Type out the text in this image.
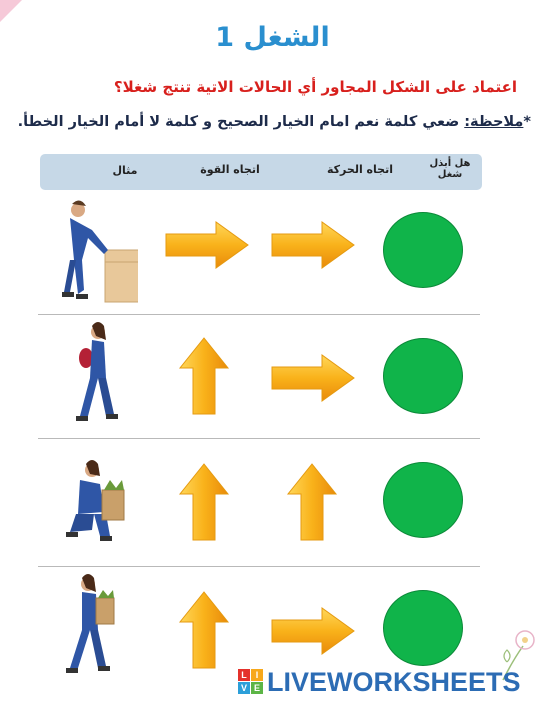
الشغل 1
اعتماد على الشكل المجاور أي الحالات الاتية تنتج شغلا؟
*ملاحظة: ضعي كلمة نعم امام الخيار الصحيح و كلمة لا أمام الخيار الخطأ.
مثال	اتجاه القوة	اتجاه الحركة	هل أبذل شغل
L I
V E LIVEWORKSHEETS
